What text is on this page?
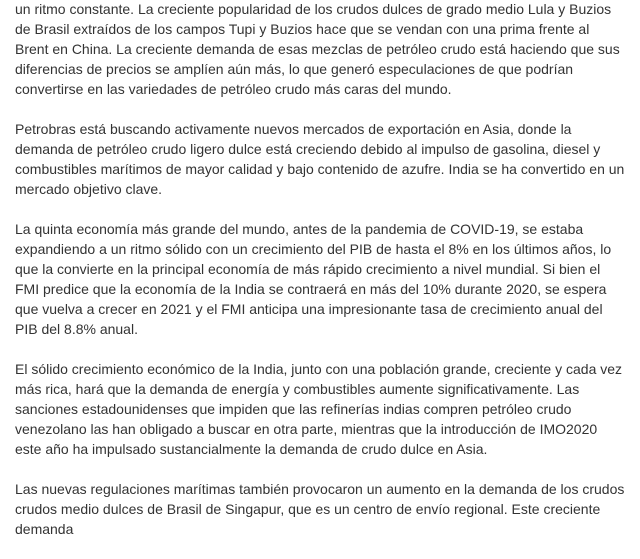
un ritmo constante. La creciente popularidad de los crudos dulces de grado medio Lula y Buzios de Brasil extraídos de los campos Tupi y Buzios hace que se vendan con una prima frente al Brent en China. La creciente demanda de esas mezclas de petróleo crudo está haciendo que sus diferencias de precios se amplíen aún más, lo que generó especulaciones de que podrían convertirse en las variedades de petróleo crudo más caras del mundo.

Petrobras está buscando activamente nuevos mercados de exportación en Asia, donde la demanda de petróleo crudo ligero dulce está creciendo debido al impulso de gasolina, diesel y combustibles marítimos de mayor calidad y bajo contenido de azufre. India se ha convertido en un mercado objetivo clave.

La quinta economía más grande del mundo, antes de la pandemia de COVID-19, se estaba expandiendo a un ritmo sólido con un crecimiento del PIB de hasta el 8% en los últimos años, lo que la convierte en la principal economía de más rápido crecimiento a nivel mundial. Si bien el FMI predice que la economía de la India se contraerá en más del 10% durante 2020, se espera que vuelva a crecer en 2021 y el FMI anticipa una impresionante tasa de crecimiento anual del PIB del 8.8% anual.

El sólido crecimiento económico de la India, junto con una población grande, creciente y cada vez más rica, hará que la demanda de energía y combustibles aumente significativamente. Las sanciones estadounidenses que impiden que las refinerías indias compren petróleo crudo venezolano las han obligado a buscar en otra parte, mientras que la introducción de IMO2020 este año ha impulsado sustancialmente la demanda de crudo dulce en Asia.

Las nuevas regulaciones marítimas también provocaron un aumento en la demanda de los crudos crudos medio dulces de Brasil de Singapur, que es un centro de envío regional. Este creciente demanda
